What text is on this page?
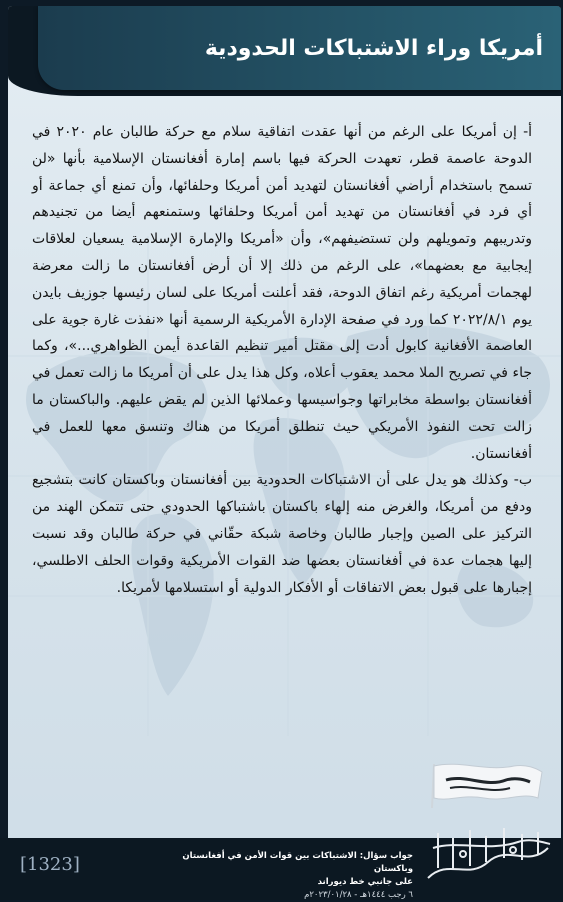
أمريكا وراء الاشتباكات الحدودية

أ- إن أمريكا على الرغم من أنها عقدت اتفاقية سلام مع حركة طالبان عام ٢٠٢٠ في الدوحة عاصمة قطر، تعهدت الحركة فيها باسم إمارة أفغانستان الإسلامية بأنها «لن تسمح باستخدام أراضي أفغانستان لتهديد أمن أمريكا وحلفائها، وأن تمنع أي جماعة أو أي فرد في أفغانستان من تهديد أمن أمريكا وحلفائها وستمنعهم أيضا من تجنيدهم وتدريبهم وتمويلهم ولن تستضيفهم»، وأن «أمريكا والإمارة الإسلامية يسعيان لعلاقات إيجابية مع بعضهما»، على الرغم من ذلك إلا أن أرض أفغانستان ما زالت معرضة لهجمات أمريكية رغم اتفاق الدوحة، فقد أعلنت أمريكا على لسان رئيسها جوزيف بايدن يوم ٢٠٢٢/٨/١ كما ورد في صفحة الإدارة الأمريكية الرسمية أنها «نفذت غارة جوية على العاصمة الأفغانية كابول أدت إلى مقتل أمير تنظيم القاعدة أيمن الظواهري...»، وكما جاء في تصريح الملا محمد يعقوب أعلاه، وكل هذا يدل على أن أمريكا ما زالت تعمل في أفغانستان بواسطة مخابراتها وجواسيسها وعملائها الذين لم يقض عليهم. والباكستان ما زالت تحت النفوذ الأمريكي حيث تنطلق أمريكا من هناك وتنسق معها للعمل في أفغانستان.

ب- وكذلك هو يدل على أن الاشتباكات الحدودية بين أفغانستان وباكستان كانت بتشجيع ودفع من أمريكا، والغرض منه إلهاء باكستان باشتباكها الحدودي حتى تتمكن الهند من التركيز على الصين وإجبار طالبان وخاصة شبكة حقّاني في حركة طالبان وقد نسبت إليها هجمات عدة في أفغانستان بعضها ضد القوات الأمريكية وقوات الحلف الاطلسي، إجبارها على قبول بعض الاتفاقات أو الأفكار الدولية أو استسلامها لأمريكا.

[1323]	جواب سؤال: الاشتباكات بين قوات الأمن في أفغانستان وباكستان
على جانبي خط ديوراند
٦ رجب ١٤٤٤هـ - ٢٠٢٣/٠١/٢٨م
